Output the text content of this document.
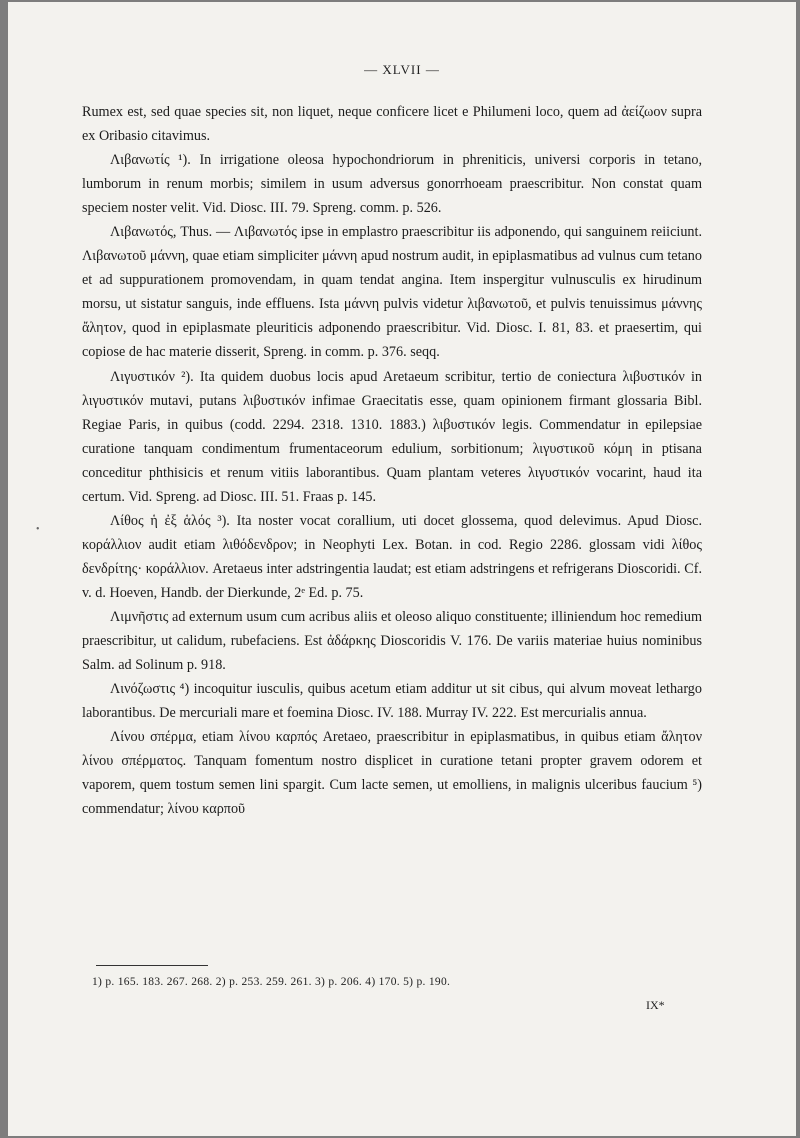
— XLVII —

Rumex est, sed quae species sit, non liquet, neque conficere licet e Philumeni loco, quem ad ἀείζωον supra ex Oribasio citavimus.

Λιβανωτίς ¹). In irrigatione oleosa hypochondriorum in phreniticis, universi corporis in tetano, lumborum in renum morbis; similem in usum adversus gonorrhoeam praescribitur. Non constat quam speciem noster velit. Vid. Diosc. III. 79. Spreng. comm. p. 526.

Λιβανωτός, Thus. — Λιβανωτός ipse in emplastro praescribitur iis adponendo, qui sanguinem reiiciunt. Λιβανωτοῦ μάννη, quae etiam simpliciter μάννη apud nostrum audit, in epiplasmatibus ad vulnus cum tetano et ad suppurationem promovendam, in quam tendat angina. Item inspergitur vulnusculis ex hirudinum morsu, ut sistatur sanguis, inde effluens. Ista μάννη pulvis videtur λιβανωτοῦ, et pulvis tenuissimus μάννης ἄλητον, quod in epiplasmate pleuriticis adponendo praescribitur. Vid. Diosc. I. 81, 83. et praesertim, qui copiose de hac materie disserit, Spreng. in comm. p. 376. seqq.

Λιγυστικόν ²). Ita quidem duobus locis apud Aretaeum scribitur, tertio de coniectura λιβυστικόν in λιγυστικόν mutavi, putans λιβυστικόν infimae Graecitatis esse, quam opinionem firmant glossaria Bibl. Regiae Paris, in quibus (codd. 2294. 2318. 1310. 1883.) λιβυστικόν legis. Commendatur in epilepsiae curatione tanquam condimentum frumentaceorum edulium, sorbitionum; λιγυστικοῦ κόμη in ptisana conceditur phthisicis et renum vitiis laborantibus. Quam plantam veteres λιγυστικόν vocarint, haud ita certum. Vid. Spreng. ad Diosc. III. 51. Fraas p. 145.

Λίθος ἡ ἐξ ἁλός ³). Ita noster vocat corallium, uti docet glossema, quod delevimus. Apud Diosc. κοράλλιον audit etiam λιθόδενδρον; in Neophyti Lex. Botan. in cod. Regio 2286. glossam vidi λίθος δενδρίτης· κοράλλιον. Aretaeus inter adstringentia laudat; est etiam adstringens et refrigerans Dioscoridi. Cf. v. d. Hoeven, Handb. der Dierkunde, 2ᵉ Ed. p. 75.

Λιμνῆστις ad externum usum cum acribus aliis et oleoso aliquo constituente; illiniendum hoc remedium praescribitur, ut calidum, rubefaciens. Est ἀδάρκης Dioscoridis V. 176. De variis materiae huius nominibus Salm. ad Solinum p. 918.

Λινόζωστις ⁴) incoquitur iusculis, quibus acetum etiam additur ut sit cibus, qui alvum moveat lethargo laborantibus. De mercuriali mare et foemina Diosc. IV. 188. Murray IV. 222. Est mercurialis annua.

Λίνου σπέρμα, etiam λίνου καρπός Aretaeo, praescribitur in epiplasmatibus, in quibus etiam ἄλητον λίνου σπέρματος. Tanquam fomentum nostro displicet in curatione tetani propter gravem odorem et vaporem, quem tostum semen lini spargit. Cum lacte semen, ut emolliens, in malignis ulceribus faucium ⁵) commendatur; λίνου καρποῦ

•
1) p. 165. 183. 267. 268. 2) p. 253. 259. 261. 3) p. 206. 4) 170. 5) p. 190.
IX*
